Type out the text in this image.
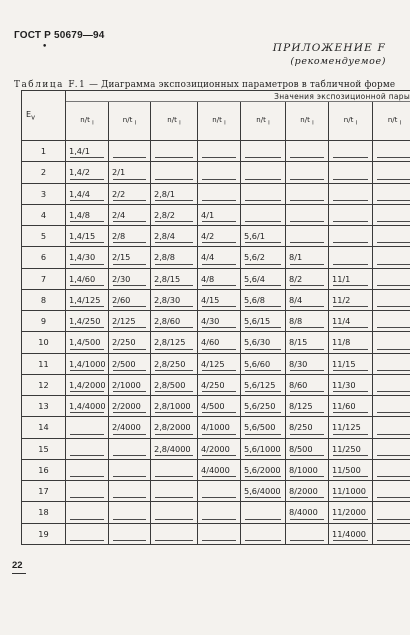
ГОСТ Р 50679—94
•	ПРИЛОЖЕНИЕ F
(рекомендуемое)
Таблица F.1 — Диаграмма экспозиционных параметров в табличной форме
$Е_v$	Значения экспозиционной пары							
	n/t $_i$	n/t $_i$	n/t $_i$	n/t $_i$	n/t $_i$	n/t $_i$	n/t $_i$	n/t $_i$
1	1,4/1							

2	1,4/2	2/1						

3	1,4/4	2/2	2,8/1					

4	1,4/8	2/4	2,8/2	4/1				

5	1,4/15	2/8	2,8/4	4/2	5,6/1			

6	1,4/30	2/15	2,8/8	4/4	5,6/2	8/1		

7	1,4/60	2/30	2,8/15	4/8	5,6/4	8/2	11/1	

8	1,4/125	2/60	2,8/30	4/15	5,6/8	8/4	11/2	

9	1,4/250	2/125	2,8/60	4/30	5,6/15	8/8	11/4	

10	1,4/500	2/250	2,8/125	4/60	5,6/30	8/15	11/8	

11	1,4/1000	2/500	2,8/250	4/125	5,6/60	8/30	11/15	

12	1,4/2000	2/1000	2,8/500	4/250	5,6/125	8/60	11/30	

13	1,4/4000	2/2000	2,8/1000	4/500	5,6/250	8/125	11/60	

14		2/4000	2,8/2000	4/1000	5,6/500	8/250	11/125	

15			2,8/4000	4/2000	5,6/1000	8/500	11/250	

16				4/4000	5,6/2000	8/1000	11/500	

17					5,6/4000	8/2000	11/1000	

18						8/4000	11/2000	

19							11/4000	

22
